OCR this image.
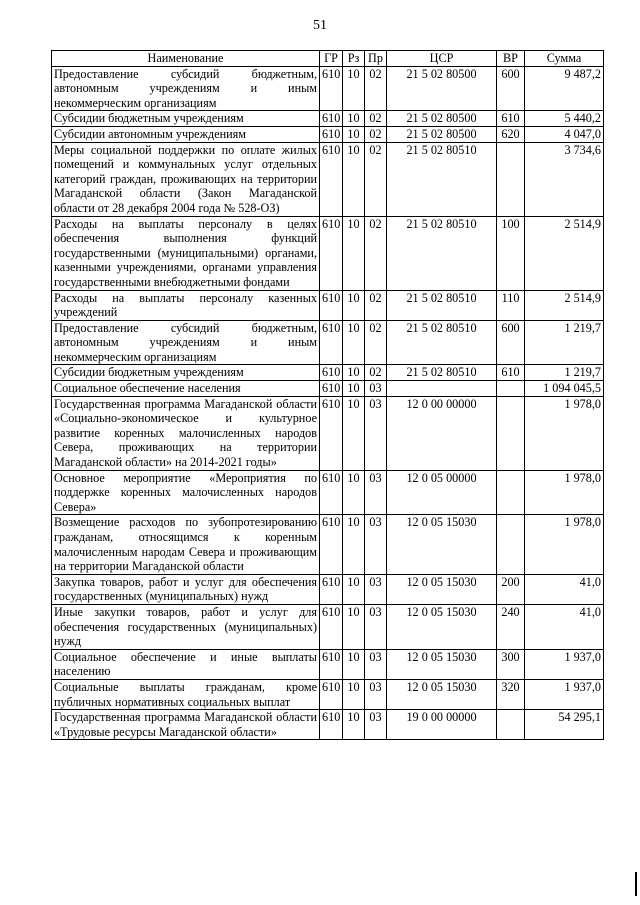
51
Наименование	ГР	Рз	Пр	ЦСР	ВР	Сумма
Предоставление субсидий бюджетным, автономным учреждениям и иным некоммерческим организациям	610	10	02	21 5 02 80500	600	9 487,2
Субсидии бюджетным учреждениям	610	10	02	21 5 02 80500	610	5 440,2
Субсидии автономным учреждениям	610	10	02	21 5 02 80500	620	4 047,0
Меры социальной поддержки по оплате жилых помещений и коммунальных услуг отдельных категорий граждан, проживающих на территории Магаданской области (Закон Магаданской области от 28 декабря 2004 года № 528-ОЗ)	610	10	02	21 5 02 80510		3 734,6
Расходы на выплаты персоналу в целях обеспечения выполнения функций государственными (муниципальными) органами, казенными учреждениями, органами управления государственными внебюджетными фондами	610	10	02	21 5 02 80510	100	2 514,9
Расходы на выплаты персоналу казенных учреждений	610	10	02	21 5 02 80510	110	2 514,9
Предоставление субсидий бюджетным, автономным учреждениям и иным некоммерческим организациям	610	10	02	21 5 02 80510	600	1 219,7
Субсидии бюджетным учреждениям	610	10	02	21 5 02 80510	610	1 219,7
Социальное обеспечение населения	610	10	03			1 094 045,5
Государственная программа Магаданской области «Социально-экономическое и культурное развитие коренных малочисленных народов Севера, проживающих на территории Магаданской области» на 2014-2021 годы»	610	10	03	12 0 00 00000		1 978,0
Основное мероприятие «Мероприятия по поддержке коренных малочисленных народов Севера»	610	10	03	12 0 05 00000		1 978,0
Возмещение расходов по зубопротезированию гражданам, относящимся к коренным малочисленным народам Севера и проживающим на территории Магаданской области	610	10	03	12 0 05 15030		1 978,0
Закупка товаров, работ и услуг для обеспечения государственных (муниципальных) нужд	610	10	03	12 0 05 15030	200	41,0
Иные закупки товаров, работ и услуг для обеспечения государственных (муниципальных) нужд	610	10	03	12 0 05 15030	240	41,0
Социальное обеспечение и иные выплаты населению	610	10	03	12 0 05 15030	300	1 937,0
Социальные выплаты гражданам, кроме публичных нормативных социальных выплат	610	10	03	12 0 05 15030	320	1 937,0
Государственная программа Магаданской области «Трудовые ресурсы Магаданской области»	610	10	03	19 0 00 00000		54 295,1
